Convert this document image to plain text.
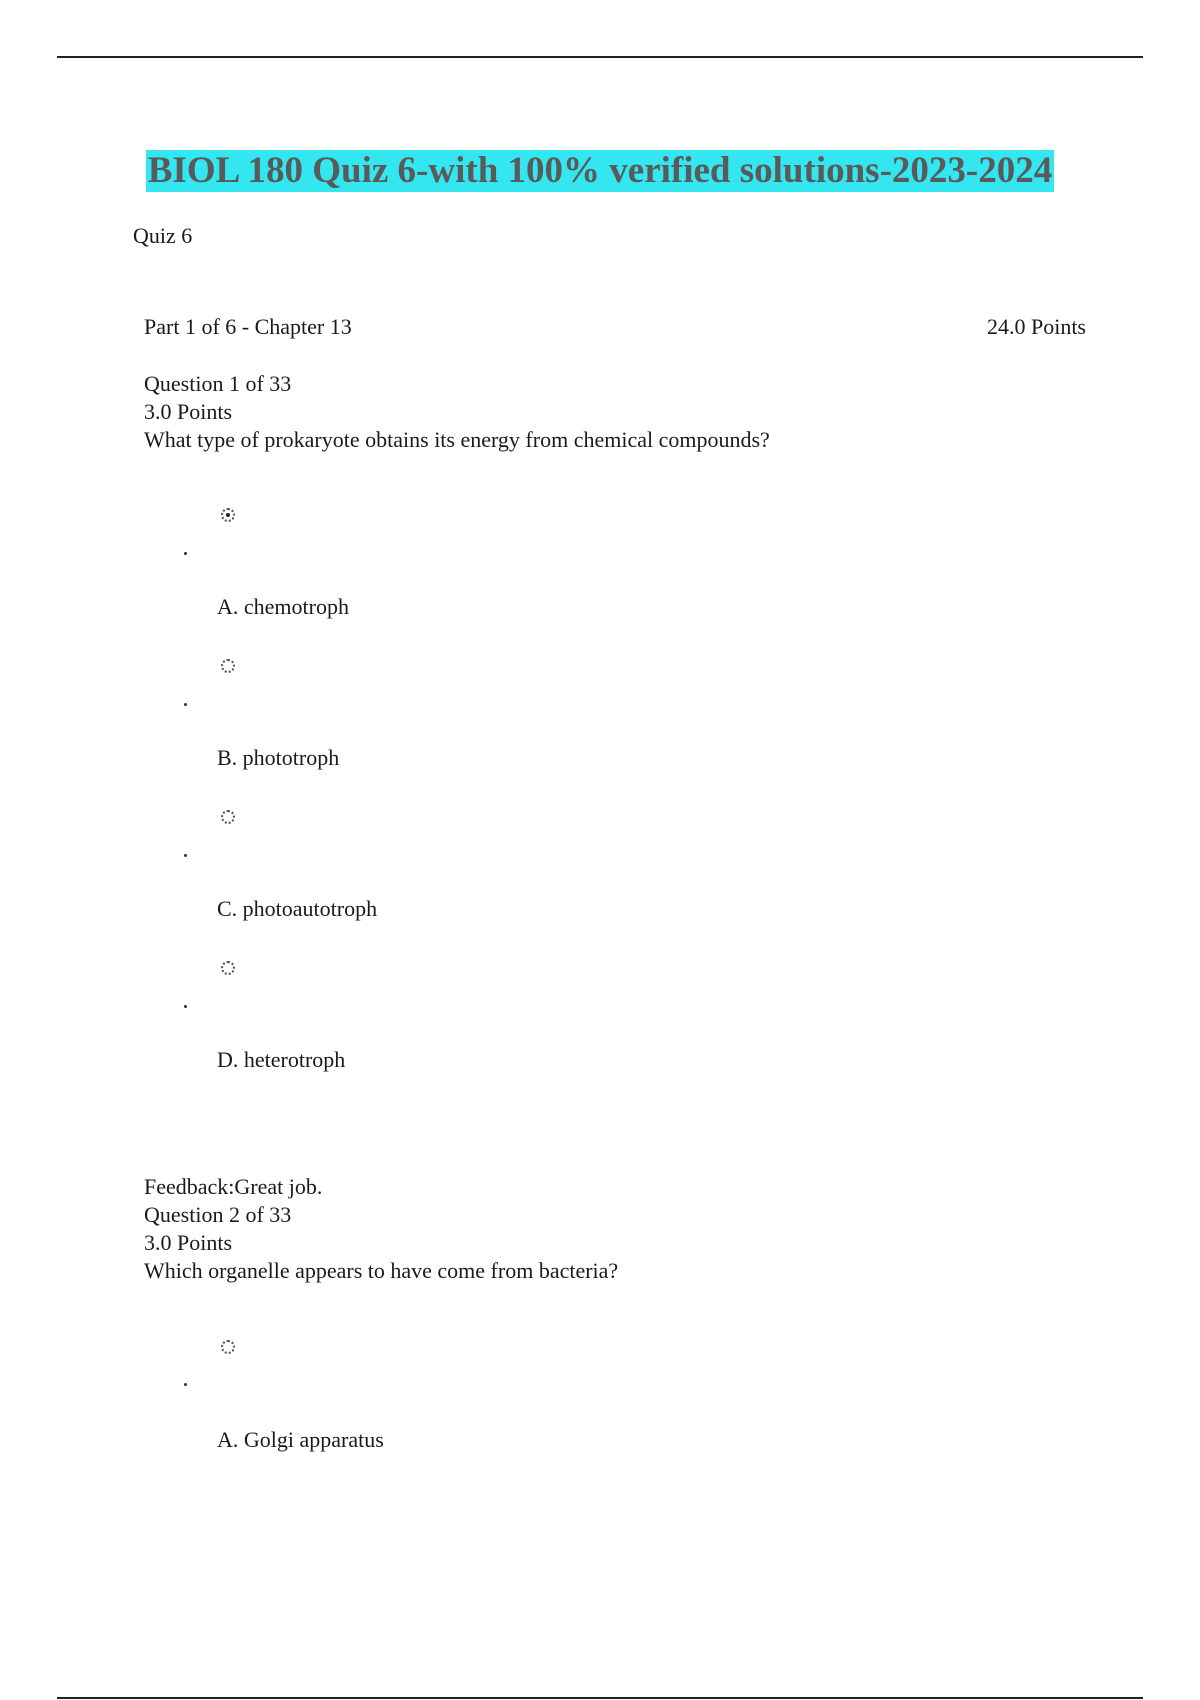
BIOL 180 Quiz 6-with 100% verified solutions-2023-2024
Quiz 6
Part 1 of 6 - Chapter 13	24.0 Points
Question 1 of 33
3.0 Points
What type of prokaryote obtains its energy from chemical compounds?
A. chemotroph
B. phototroph
C. photoautotroph
D. heterotroph
Feedback:Great job.
Question 2 of 33
3.0 Points
Which organelle appears to have come from bacteria?
A. Golgi apparatus
